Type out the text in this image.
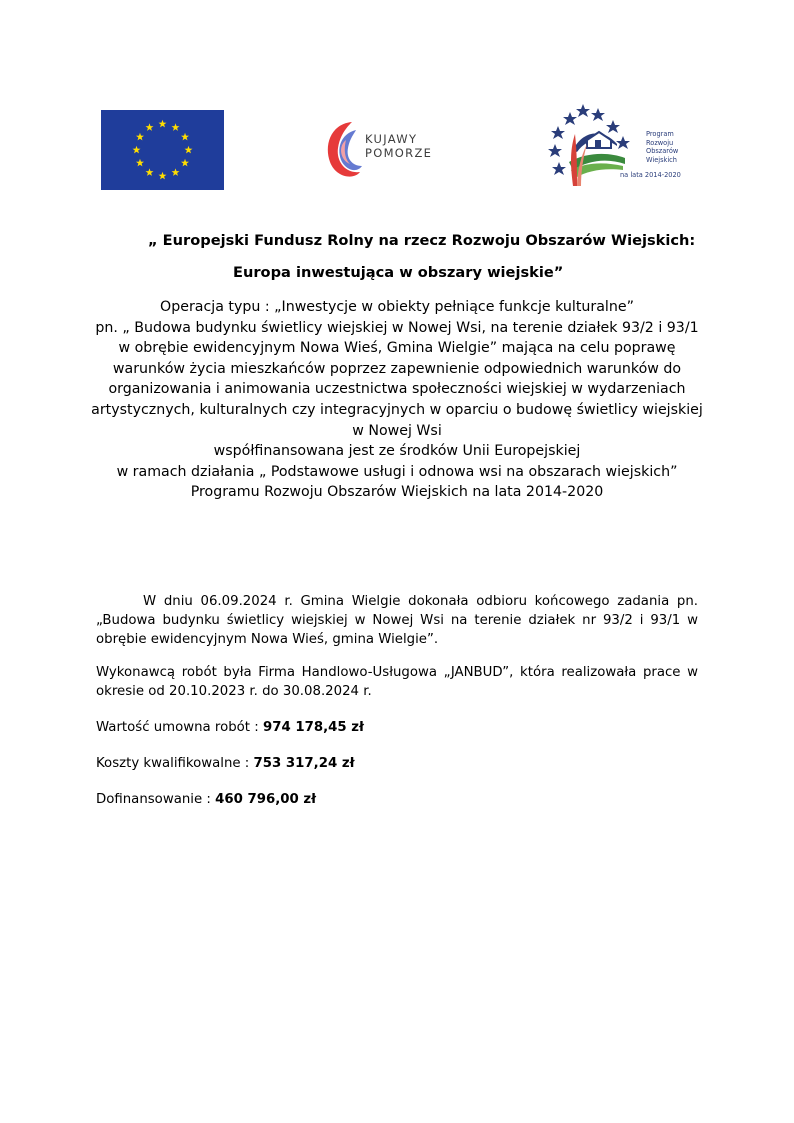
KUJAWY
POMORZE
Program
Rozwoju
Obszarów
Wiejskich
na lata 2014-2020
„ Europejski Fundusz Rolny na rzecz Rozwoju Obszarów Wiejskich:
Europa inwestująca w obszary wiejskie”
Operacja typu : „Inwestycje w obiekty pełniące funkcje kulturalne”
pn. „ Budowa budynku świetlicy wiejskiej w Nowej Wsi, na terenie działek 93/2 i 93/1
w obrębie ewidencyjnym Nowa Wieś, Gmina Wielgie” mająca na celu poprawę
warunków życia mieszkańców poprzez zapewnienie odpowiednich warunków do
organizowania i animowania uczestnictwa społeczności wiejskiej w wydarzeniach
artystycznych, kulturalnych czy integracyjnych w oparciu o budowę świetlicy wiejskiej
w Nowej Wsi
współfinansowana jest ze środków Unii Europejskiej
w ramach działania „ Podstawowe usługi i odnowa wsi na obszarach wiejskich”
Programu Rozwoju Obszarów Wiejskich na lata 2014-2020
W dniu 06.09.2024 r. Gmina Wielgie dokonała odbioru końcowego zadania pn.
„Budowa budynku świetlicy wiejskiej w Nowej Wsi na terenie działek nr 93/2 i 93/1 w
obrębie ewidencyjnym Nowa Wieś, gmina Wielgie”.
Wykonawcą robót była Firma Handlowo-Usługowa „JANBUD”, która realizowała prace w
okresie od 20.10.2023 r. do 30.08.2024 r.
Wartość umowna robót : 974 178,45 zł
Koszty kwalifikowalne : 753 317,24 zł
Dofinansowanie : 460 796,00 zł
